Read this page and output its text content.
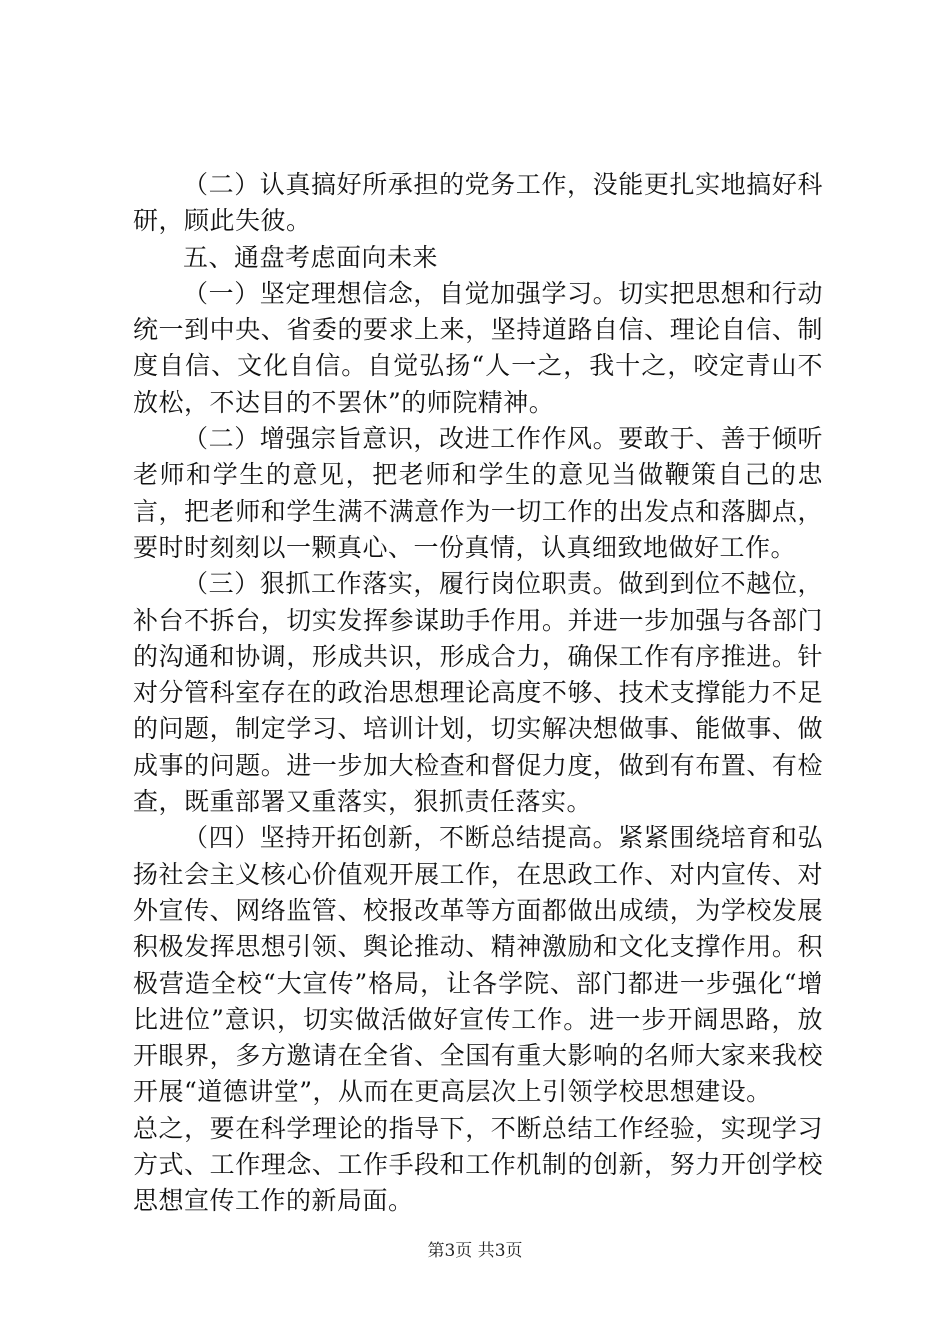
（二）认真搞好所承担的党务工作，没能更扎实地搞好科研，顾此失彼。

五、通盘考虑面向未来

（一）坚定理想信念，自觉加强学习。切实把思想和行动统一到中央、省委的要求上来，坚持道路自信、理论自信、制度自信、文化自信。自觉弘扬“人一之，我十之，咬定青山不放松，不达目的不罢休”的师院精神。

（二）增强宗旨意识，改进工作作风。要敢于、善于倾听老师和学生的意见，把老师和学生的意见当做鞭策自己的忠言，把老师和学生满不满意作为一切工作的出发点和落脚点，要时时刻刻以一颗真心、一份真情，认真细致地做好工作。

（三）狠抓工作落实，履行岗位职责。做到到位不越位，补台不拆台，切实发挥参谋助手作用。并进一步加强与各部门的沟通和协调，形成共识，形成合力，确保工作有序推进。针对分管科室存在的政治思想理论高度不够、技术支撑能力不足的问题，制定学习、培训计划，切实解决想做事、能做事、做成事的问题。进一步加大检查和督促力度，做到有布置、有检查，既重部署又重落实，狠抓责任落实。

（四）坚持开拓创新，不断总结提高。紧紧围绕培育和弘扬社会主义核心价值观开展工作，在思政工作、对内宣传、对外宣传、网络监管、校报改革等方面都做出成绩，为学校发展积极发挥思想引领、舆论推动、精神激励和文化支撑作用。积极营造全校“大宣传”格局，让各学院、部门都进一步强化“增比进位”意识，切实做活做好宣传工作。进一步开阔思路，放开眼界，多方邀请在全省、全国有重大影响的名师大家来我校开展“道德讲堂”，从而在更高层次上引领学校思想建设。

总之，要在科学理论的指导下，不断总结工作经验，实现学习方式、工作理念、工作手段和工作机制的创新，努力开创学校思想宣传工作的新局面。

第3页 共3页
